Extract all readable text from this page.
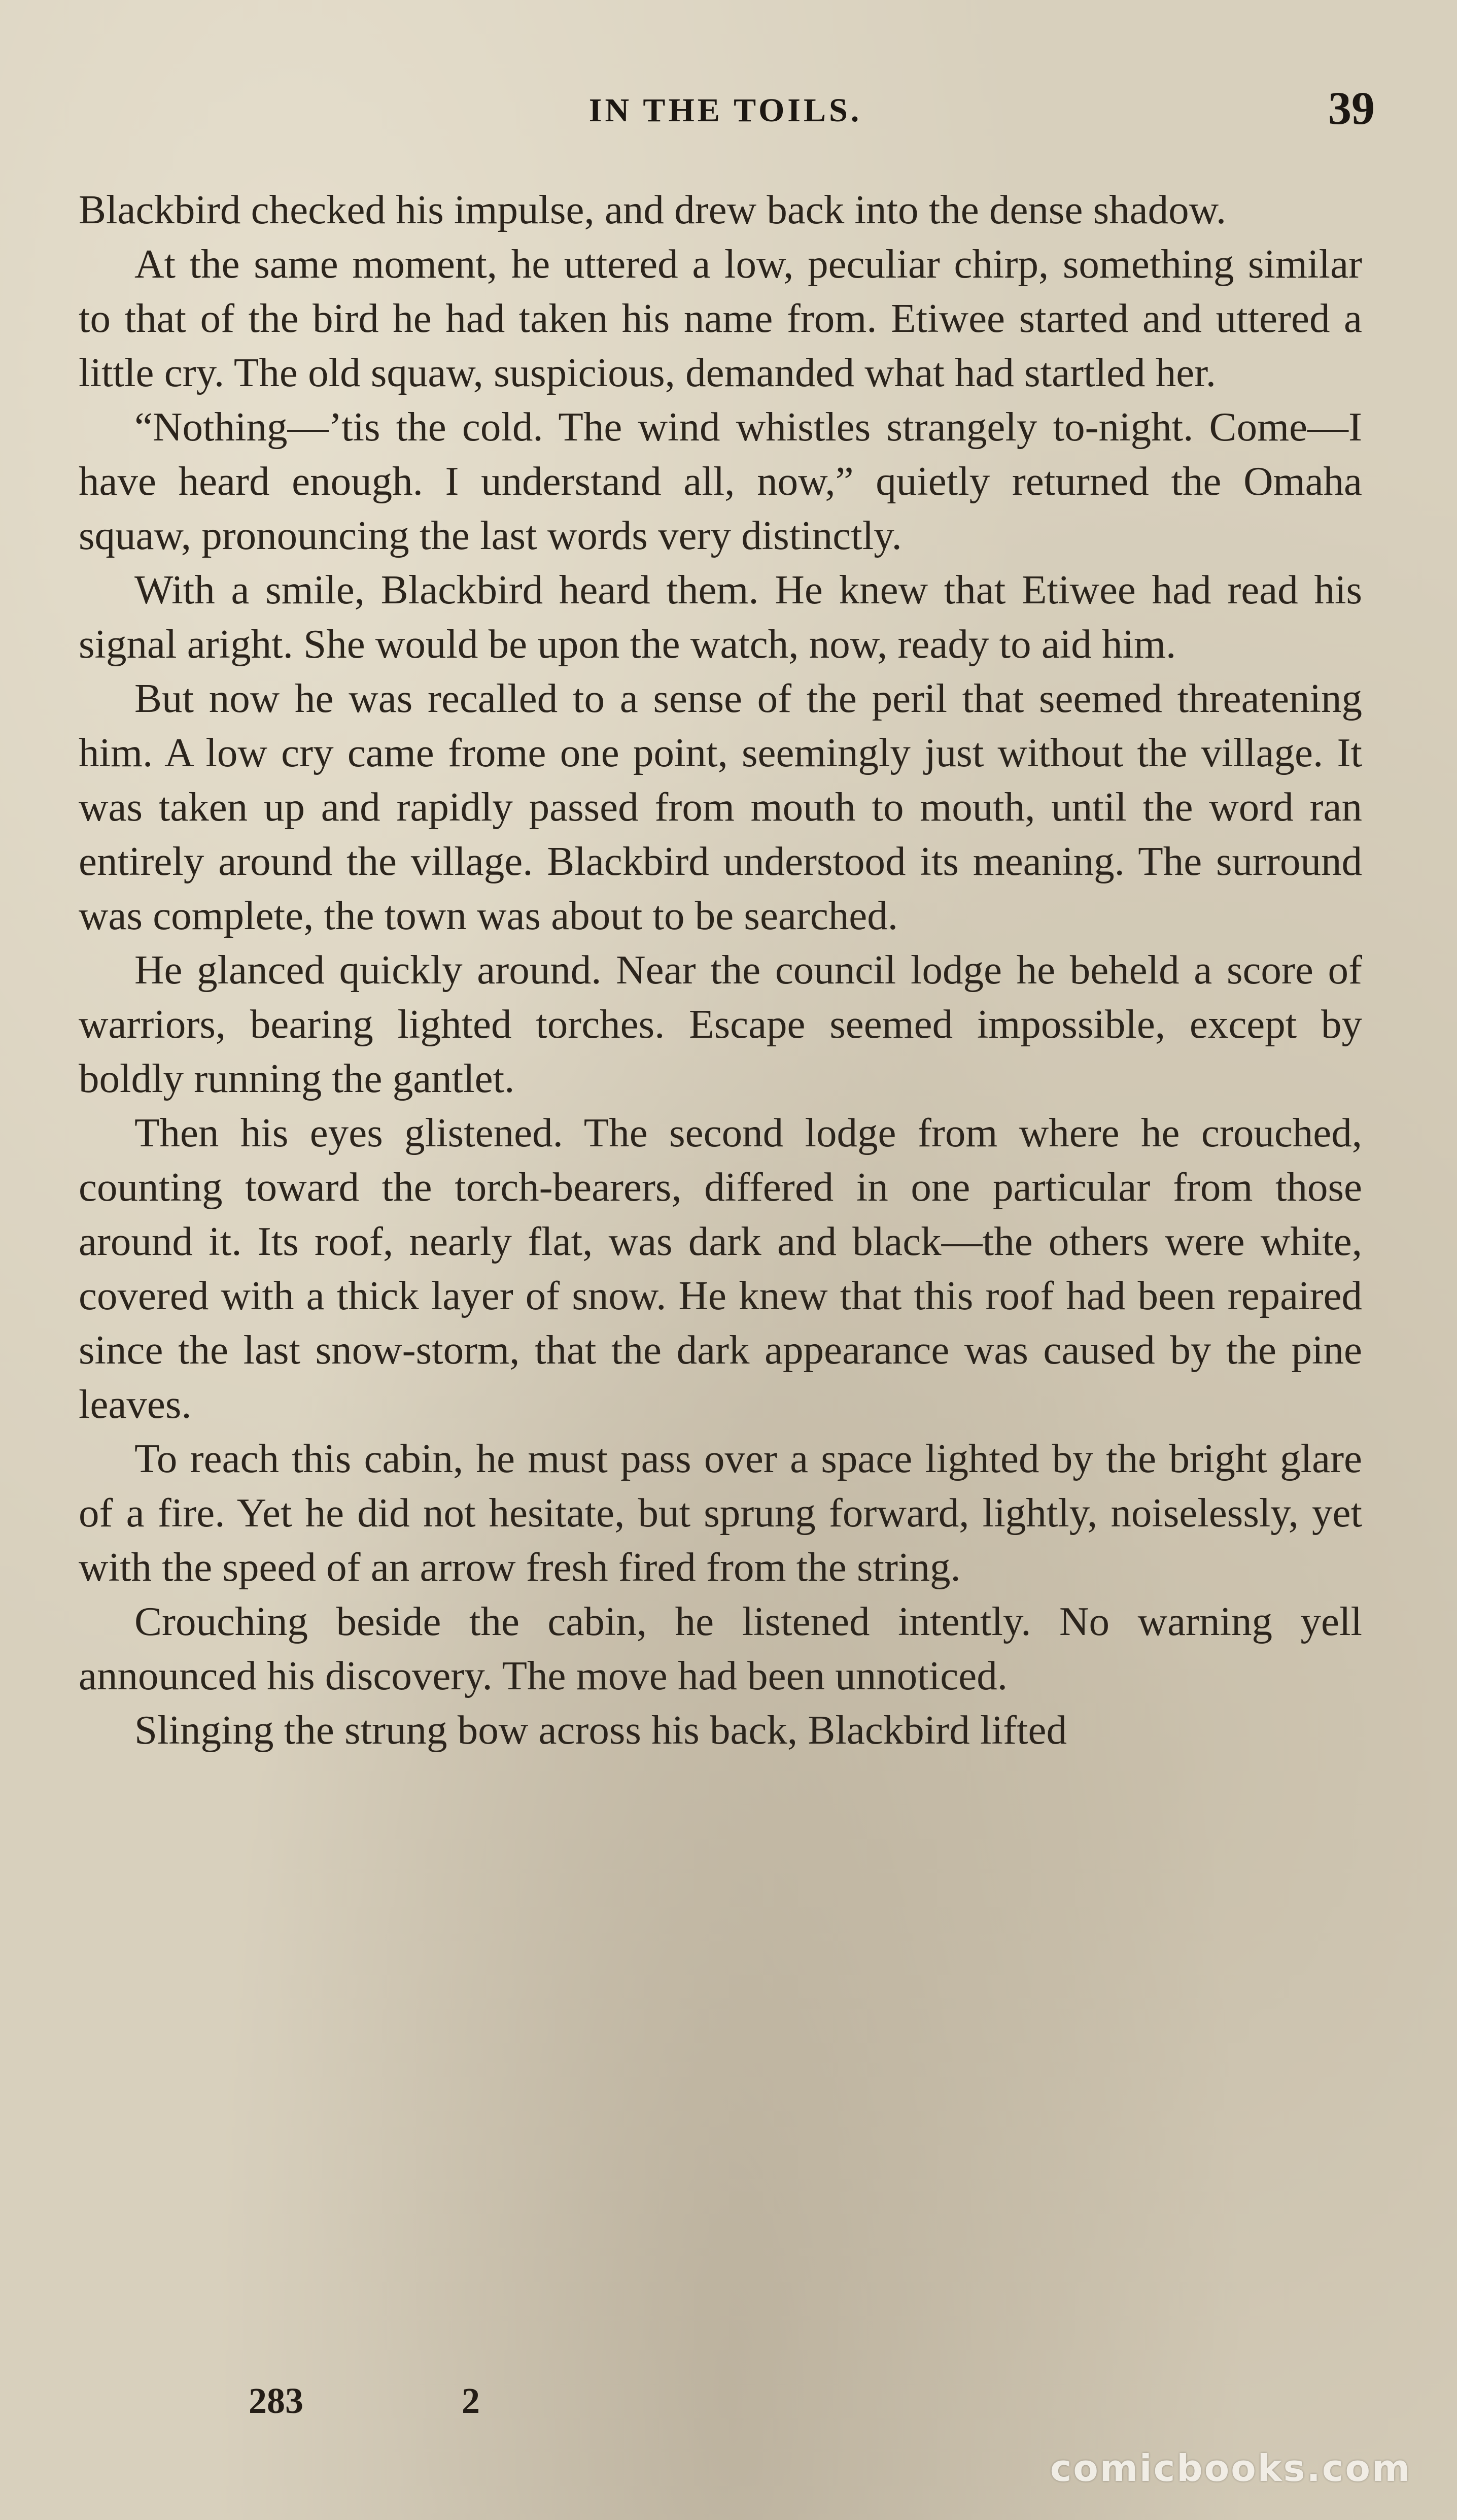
IN THE TOILS.	39

Blackbird checked his impulse, and drew back into the dense shadow.

At the same moment, he uttered a low, peculiar chirp, something similar to that of the bird he had taken his name from. Etiwee started and uttered a little cry. The old squaw, suspicious, demanded what had startled her.

“Nothing—’tis the cold. The wind whistles strangely to-night. Come—I have heard enough. I understand all, now,” quietly returned the Omaha squaw, pronouncing the last words very distinctly.

With a smile, Blackbird heard them. He knew that Etiwee had read his signal aright. She would be upon the watch, now, ready to aid him.

But now he was recalled to a sense of the peril that seemed threatening him. A low cry came frome one point, seemingly just without the village. It was taken up and rapidly passed from mouth to mouth, until the word ran entirely around the village. Blackbird understood its meaning. The surround was complete, the town was about to be searched.

He glanced quickly around. Near the council lodge he beheld a score of warriors, bearing lighted torches. Escape seemed impossible, except by boldly running the gantlet.

Then his eyes glistened. The second lodge from where he crouched, counting toward the torch-bearers, differed in one particular from those around it. Its roof, nearly flat, was dark and black—the others were white, covered with a thick layer of snow. He knew that this roof had been repaired since the last snow-storm, that the dark appearance was caused by the pine leaves.

To reach this cabin, he must pass over a space lighted by the bright glare of a fire. Yet he did not hesitate, but sprung forward, lightly, noiselessly, yet with the speed of an arrow fresh fired from the string.

Crouching beside the cabin, he listened intently. No warning yell announced his discovery. The move had been unnoticed.

Slinging the strung bow across his back, Blackbird lifted

283	2
comicbooks.com
